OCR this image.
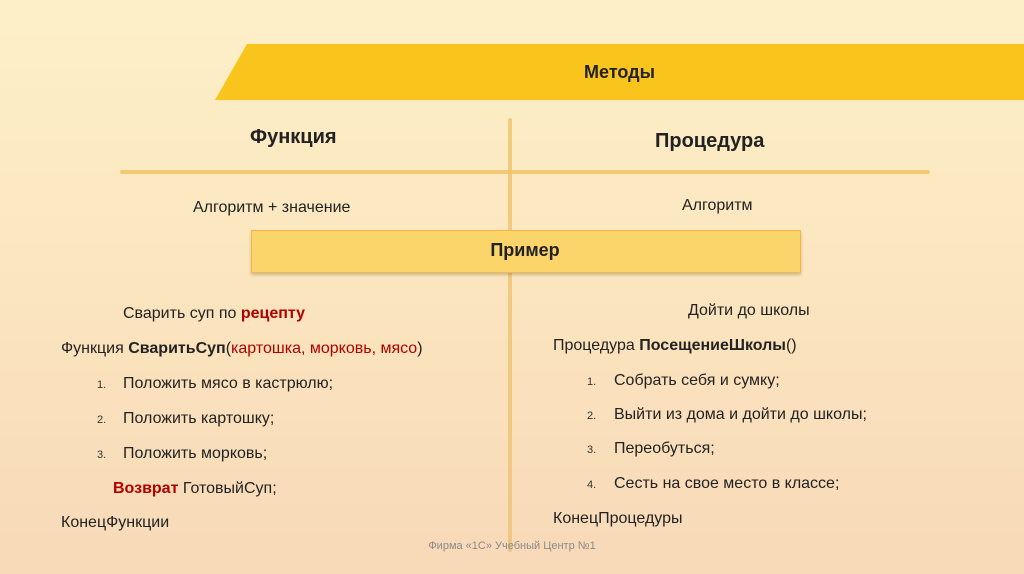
Методы
Функция	Процедура
Алгоритм + значение	Алгоритм
Пример
Сварить суп по рецепту
Функция СваритьСуп(картошка, морковь, мясо)
1. Положить мясо в кастрюлю;
2. Положить картошку;
3. Положить морковь;
Возврат ГотовыйСуп;
КонецФункции
Дойти до школы
Процедура ПосещениеШколы()
1. Собрать себя и сумку;
2. Выйти из дома и дойти до школы;
3. Переобуться;
4. Сесть на свое место в классе;
КонецПроцедуры
Фирма «1С» Учебный Центр №1
